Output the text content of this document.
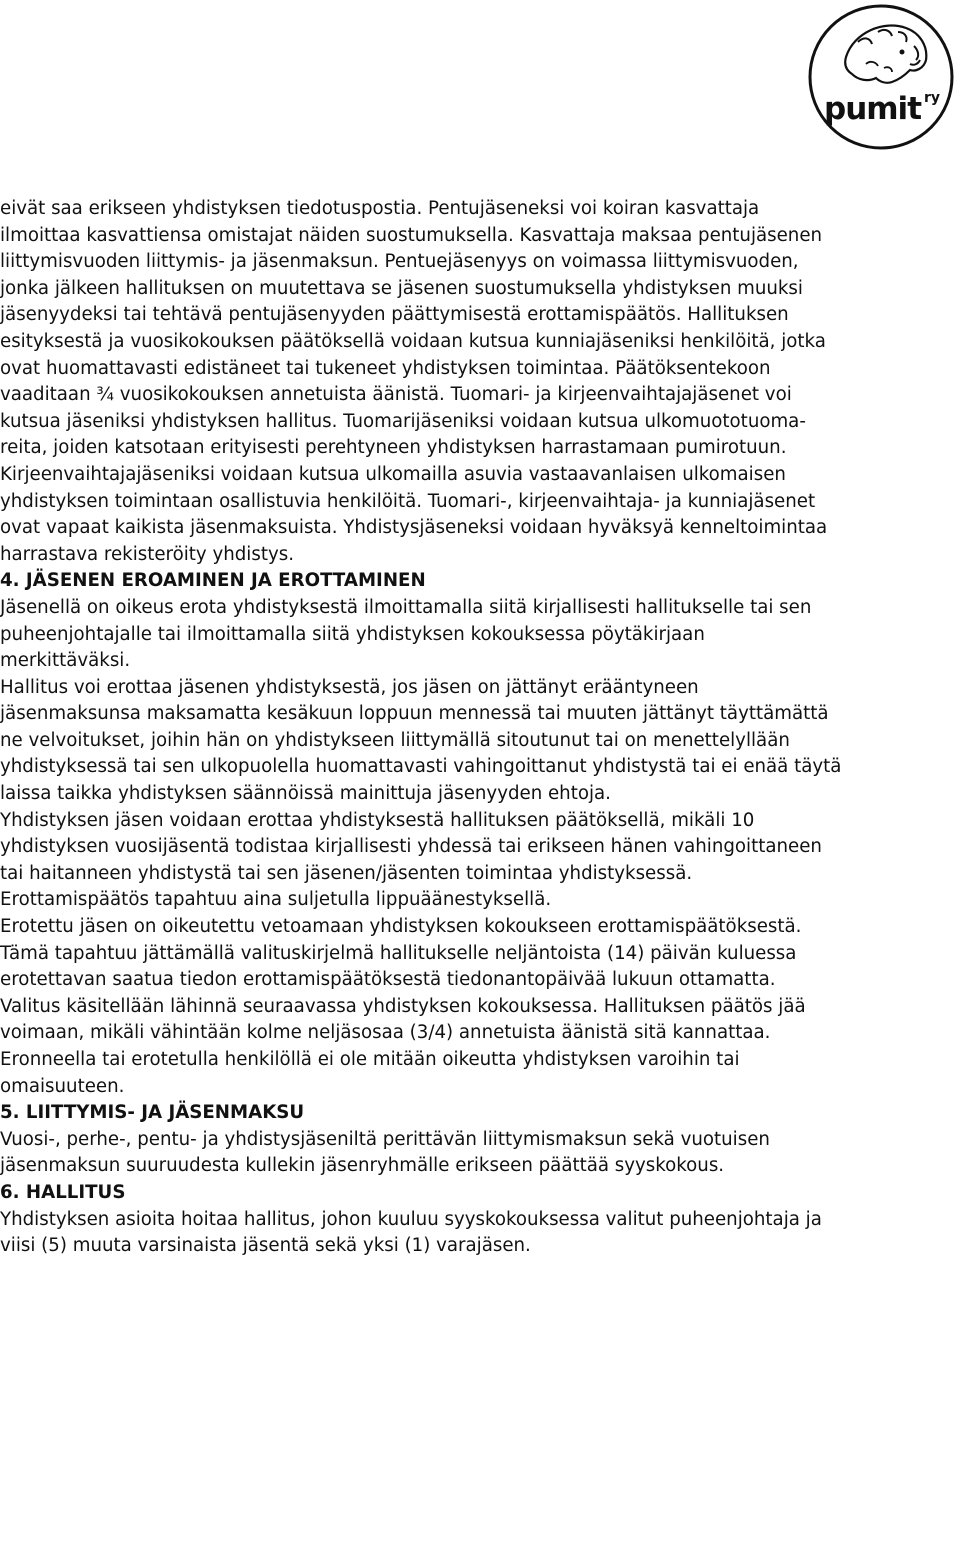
pumit ry

eivät saa erikseen yhdistyksen tiedotuspostia. Pentujäseneksi voi koiran kasvattaja
ilmoittaa kasvattiensa omistajat näiden suostumuksella. Kasvattaja maksaa pentujäsenen
liittymisvuoden liittymis- ja jäsenmaksun. Pentuejäsenyys on voimassa liittymisvuoden,
jonka jälkeen hallituksen on muutettava se jäsenen suostumuksella yhdistyksen muuksi
jäsenyydeksi tai tehtävä pentujäsenyyden päättymisestä erottamispäätös. Hallituksen
esityksestä ja vuosikokouksen päätöksellä voidaan kutsua kunniajäseniksi henkilöitä, jotka
ovat huomattavasti edistäneet tai tukeneet yhdistyksen toimintaa. Päätöksentekoon
vaaditaan ¾ vuosikokouksen annetuista äänistä. Tuomari- ja kirjeenvaihtajajäsenet voi
kutsua jäseniksi yhdistyksen hallitus. Tuomarijäseniksi voidaan kutsua ulkomuototuoma-
reita, joiden katsotaan erityisesti perehtyneen yhdistyksen harrastamaan pumirotuun.
Kirjeenvaihtajajäseniksi voidaan kutsua ulkomailla asuvia vastaavanlaisen ulkomaisen
yhdistyksen toimintaan osallistuvia henkilöitä. Tuomari-, kirjeenvaihtaja- ja kunniajäsenet
ovat vapaat kaikista jäsenmaksuista. Yhdistysjäseneksi voidaan hyväksyä kenneltoimintaa
harrastava rekisteröity yhdistys.

4. JÄSENEN EROAMINEN JA EROTTAMINEN

Jäsenellä on oikeus erota yhdistyksestä ilmoittamalla siitä kirjallisesti hallitukselle tai sen
puheenjohtajalle tai ilmoittamalla siitä yhdistyksen kokouksessa pöytäkirjaan
merkittäväksi.

Hallitus voi erottaa jäsenen yhdistyksestä, jos jäsen on jättänyt erääntyneen
jäsenmaksunsa maksamatta kesäkuun loppuun mennessä tai muuten jättänyt täyttämättä
ne velvoitukset, joihin hän on yhdistykseen liittymällä sitoutunut tai on menettelyllään
yhdistyksessä tai sen ulkopuolella huomattavasti vahingoittanut yhdistystä tai ei enää täytä
laissa taikka yhdistyksen säännöissä mainittuja jäsenyyden ehtoja.

Yhdistyksen jäsen voidaan erottaa yhdistyksestä hallituksen päätöksellä, mikäli 10
yhdistyksen vuosijäsentä todistaa kirjallisesti yhdessä tai erikseen hänen vahingoittaneen
tai haitanneen yhdistystä tai sen jäsenen/jäsenten toimintaa yhdistyksessä.

Erottamispäätös tapahtuu aina suljetulla lippuäänestyksellä.

Erotettu jäsen on oikeutettu vetoamaan yhdistyksen kokoukseen erottamispäätöksestä.
Tämä tapahtuu jättämällä valituskirjelmä hallitukselle neljäntoista (14) päivän kuluessa
erotettavan saatua tiedon erottamispäätöksestä tiedonantopäivää lukuun ottamatta.
Valitus käsitellään lähinnä seuraavassa yhdistyksen kokouksessa. Hallituksen päätös jää
voimaan, mikäli vähintään kolme neljäsosaa (3/4) annetuista äänistä sitä kannattaa.
Eronneella tai erotetulla henkilöllä ei ole mitään oikeutta yhdistyksen varoihin tai
omaisuuteen.

5. LIITTYMIS- JA JÄSENMAKSU

Vuosi-, perhe-, pentu- ja yhdistysjäseniltä perittävän liittymismaksun sekä vuotuisen
jäsenmaksun suuruudesta kullekin jäsenryhmälle erikseen päättää syyskokous.

6. HALLITUS

Yhdistyksen asioita hoitaa hallitus, johon kuuluu syyskokouksessa valitut puheenjohtaja ja
viisi (5) muuta varsinaista jäsentä sekä yksi (1) varajäsen.
